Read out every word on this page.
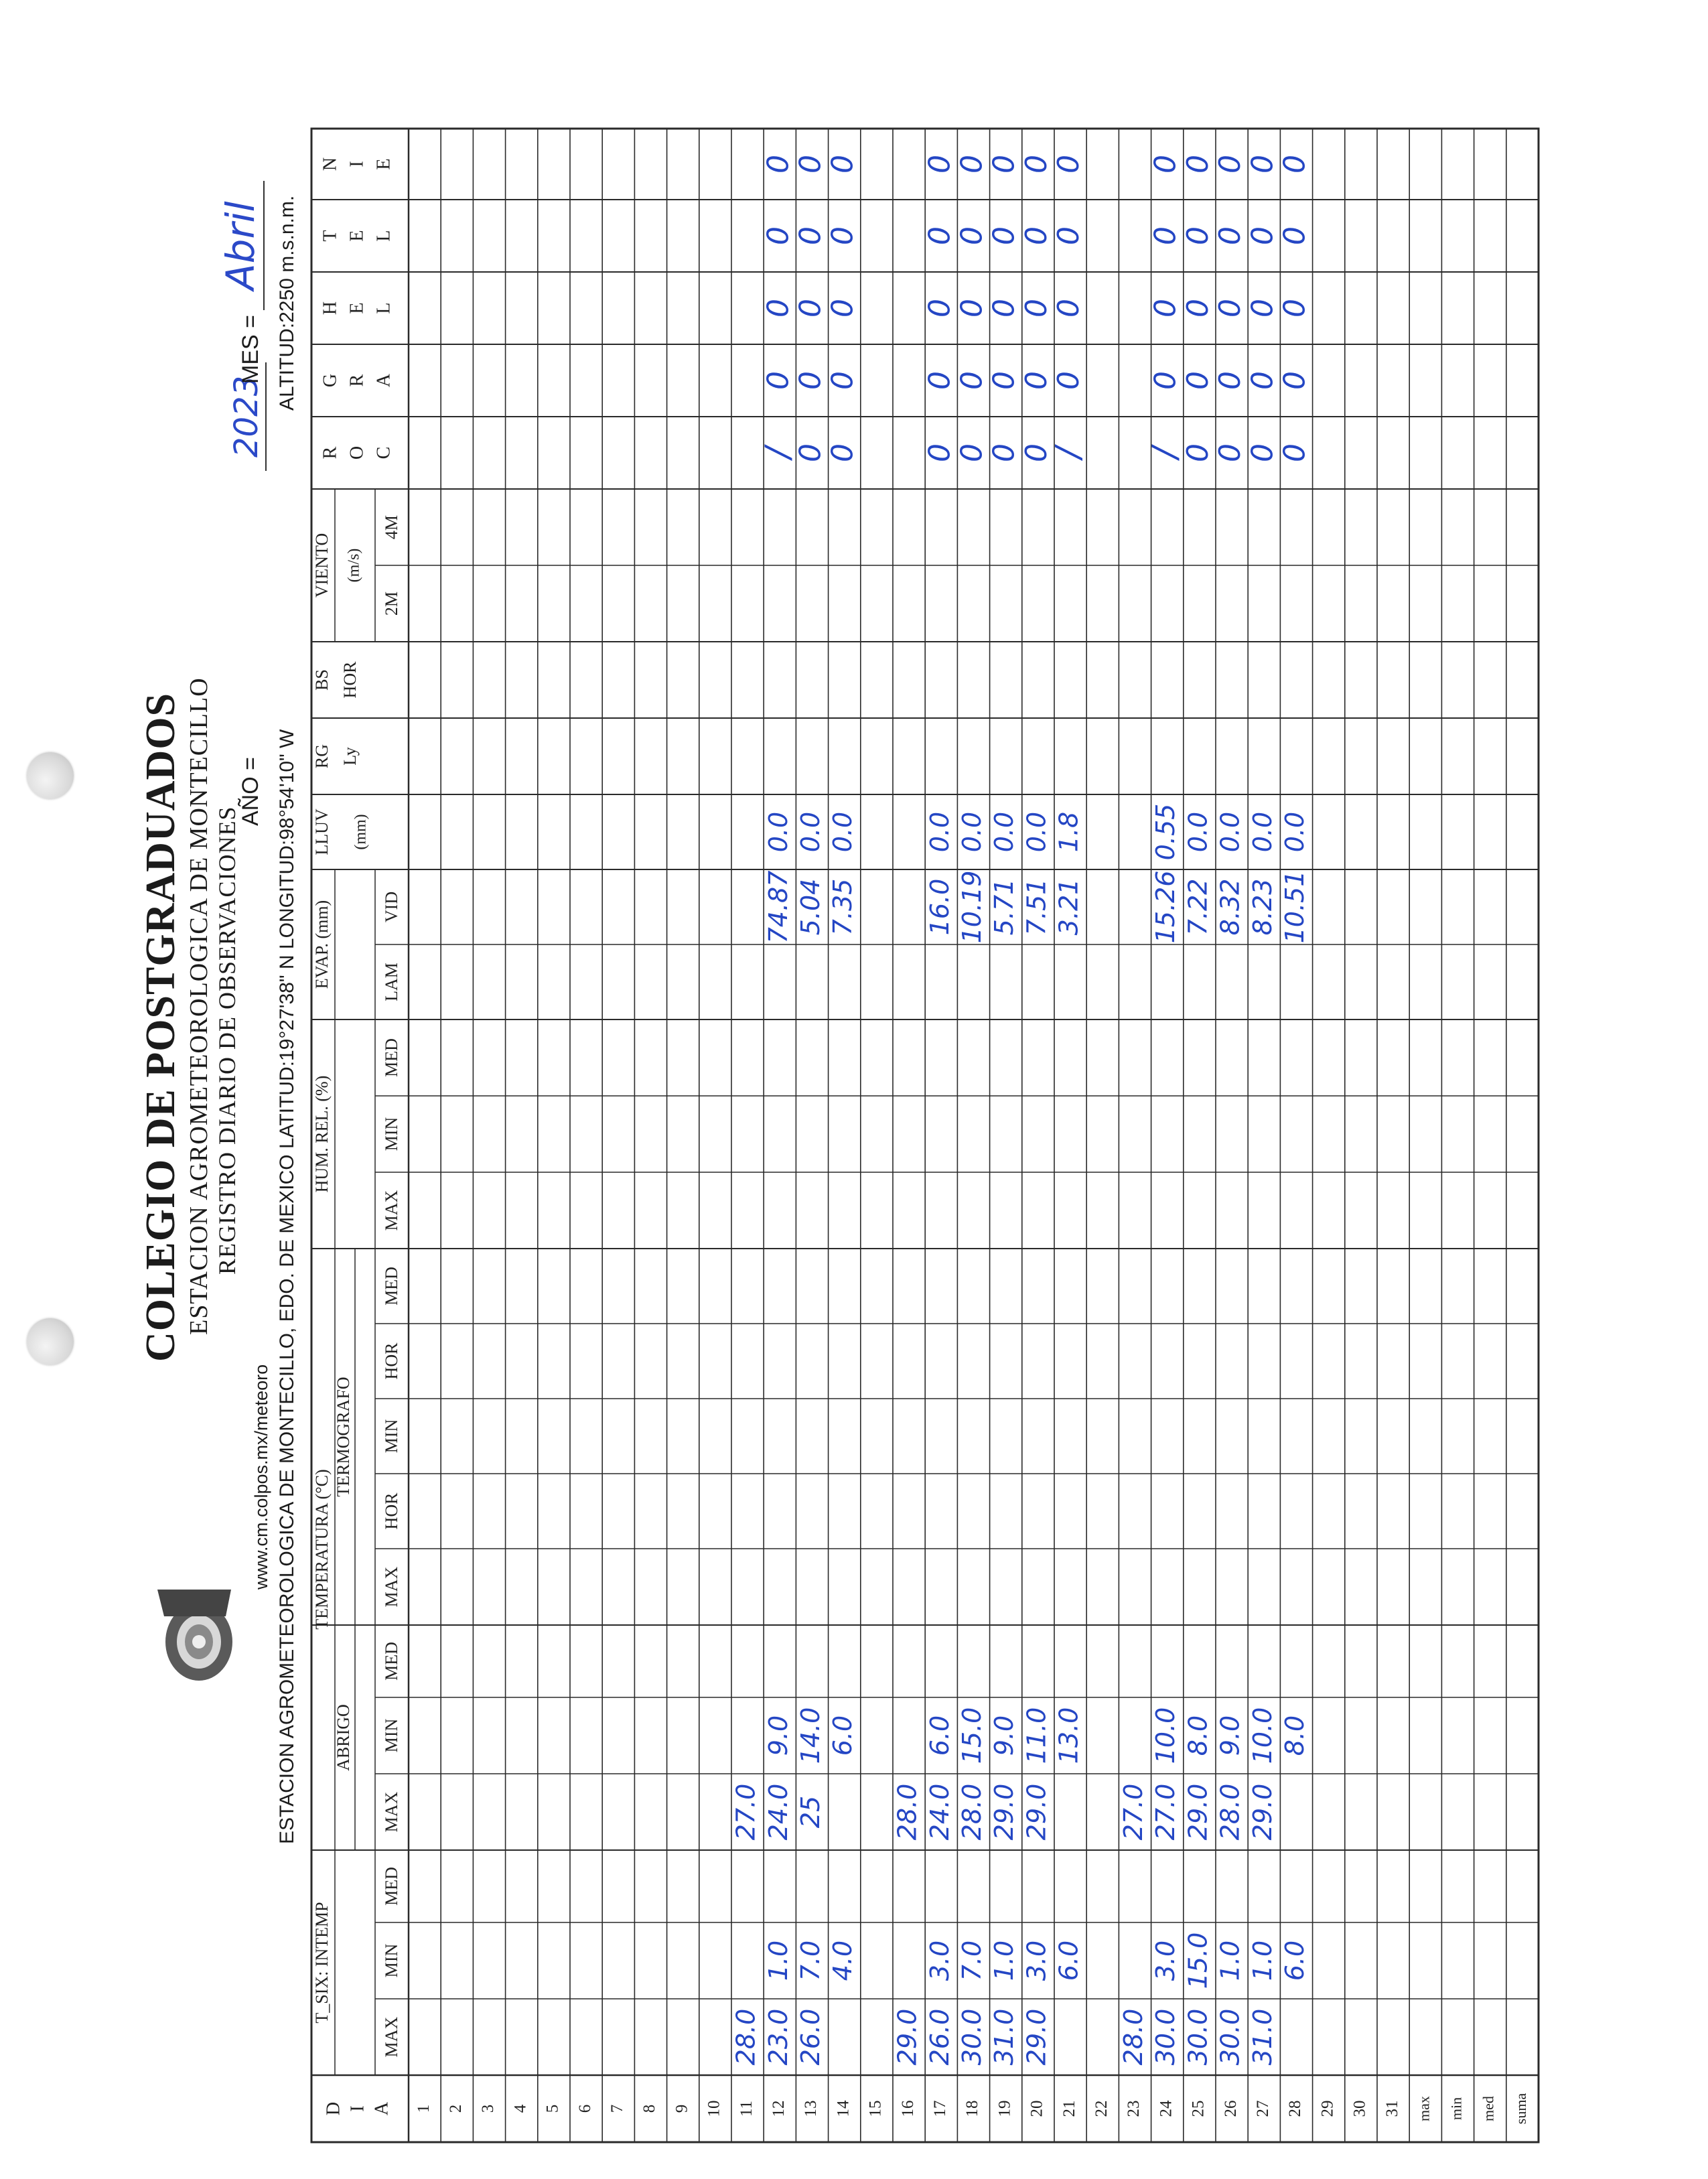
COLEGIO DE POSTGRADUADOS ESTACION AGROMETEOROLOGICA DE MONTECILLO REGISTRO DIARIO DE OBSERVACIONES
www.cm.colpos.mx/meteoro ESTACION AGROMETEOROLOGICA DE MONTECILLO, EDO. DE MEXICO LATITUD:19°27'38" N LONGITUD:98°54'10" W
AÑO =
2023
MES =
Abril ALTITUD:2250 m.s.n.m.
T_SIX: INTEMP
TEMPERATURA (°C)
ABRIGO
TERMOGRAFO
HUM. REL. (%)
EVAP. (mm)
LLUV (mm)
RG Ly
BS HOR
VIENTO (m/s)
D I A
MAX
MIN
MED
MAX
MIN
MED
MAX
HOR
MIN
HOR
MED
MAX
MIN
MED
LAM
VID
2M
4M
R O C
G R A
H E L
T E L
N I E
1 2 3 4 5 6 7 8 9 10 11 12 13 14 15 16 17 18 19 20 21 22 23 24 25 26 27 28 29 30 31 max min med suma
28.0
27.0
23.0
1.0
24.0
9.0
74.87
0.0
/
0
0
0
0
26.0
7.0
25
14.0
5.04
0.0
0
0
0
0
0
4.0
6.0
7.35
0.0
0
0
0
0
0
29.0
28.0
26.0
3.0
24.0
6.0
16.0
0.0
0
0
0
0
0
30.0
7.0
28.0
15.0
10.19
0.0
0
0
0
0
0
31.0
1.0
29.0
9.0
5.71
0.0
0
0
0
0
0
29.0
3.0
29.0
11.0
7.51
0.0
0
0
0
0
0
6.0
13.0
3.21
1.8
/
0
0
0
0
28.0
27.0
30.0
3.0
27.0
10.0
15.26
0.55
/
0
0
0
0
30.0
15.0
29.0
8.0
7.22
0.0
0
0
0
0
0
30.0
1.0
28.0
9.0
8.32
0.0
0
0
0
0
0
31.0
1.0
29.0
10.0
8.23
0.0
0
0
0
0
0
6.0
8.0
10.51
0.0
0
0
0
0
0
